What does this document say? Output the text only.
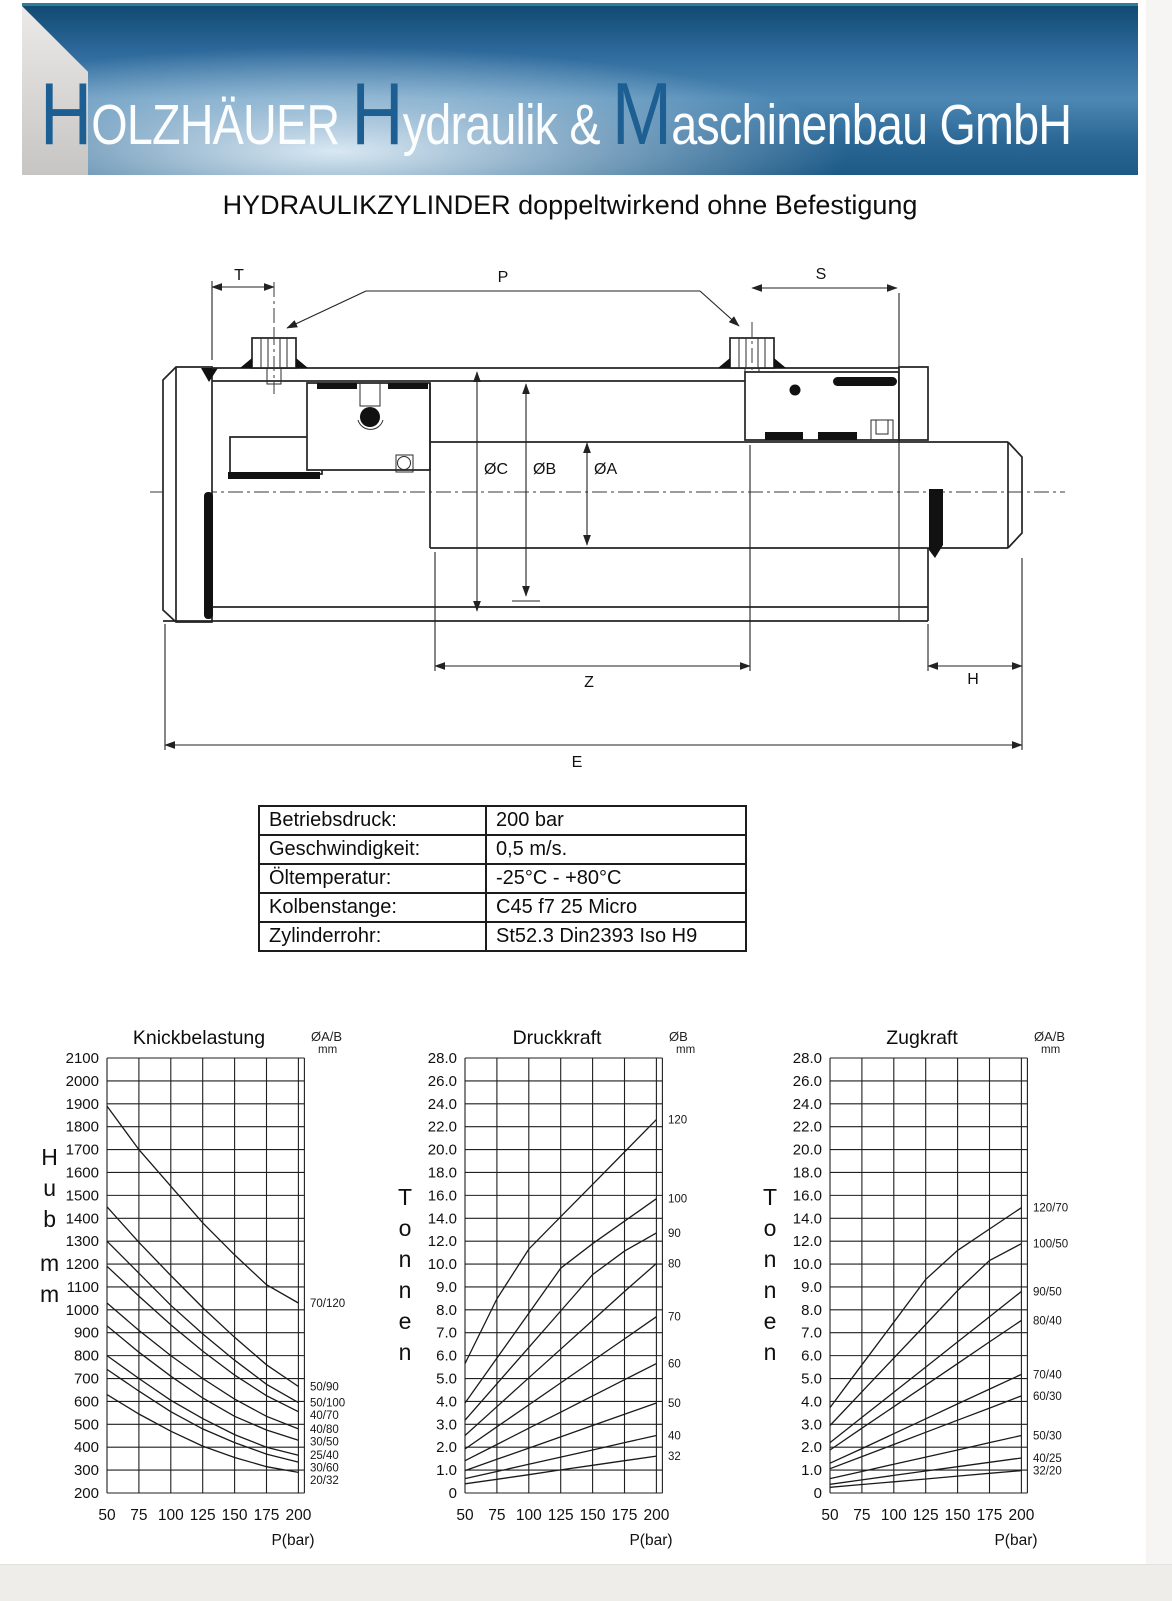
H OLZHÄUER H ydraulik & M aschinenbau GmbH
HYDRAULIKZYLINDER doppeltwirkend ohne Befestigung
T	P	S
ØC ØB ØA
Z	H
E
Betriebsdruck:	200 bar
Geschwindigkeit:	0,5 m/s.
Öltemperatur:	-25°C - +80°C
Kolbenstange:	C45 f7 25 Micro
Zylinderrohr:	St52.3 Din2393 Iso H9
Knickbelastung	ØA/B
mm
2100
2000
1900
1800
1700
1600
1500
1400
1300
1200
1100
1000
900
800
700
600
500
400
300
200
50 75 100 125 150 175 200
P(bar)
70/120
50/90
50/100
40/70
40/80
30/50
25/40
30/60
20/32
H
u
b
m
m
Druckkraft	ØB
mm
28.0
26.0
24.0
22.0
20.0
18.0
16.0
14.0
12.0
10.0
9.0
8.0
7.0
6.0
5.0
4.0
3.0
2.0
1.0
0
50 75 100 125 150 175 200
P(bar)
120
100
90
80
70
60
50
40
32
T
o
n
n
e
n
Zugkraft	ØA/B
mm
28.0
26.0
24.0
22.0
20.0
18.0
16.0
14.0
12.0
10.0
9.0
8.0
7.0
6.0
5.0
4.0
3.0
2.0
1.0
0
50 75 100 125 150 175 200
P(bar)
120/70
100/50
90/50
80/40
70/40
60/30
50/30
40/25
32/20
T
o
n
n
e
n
